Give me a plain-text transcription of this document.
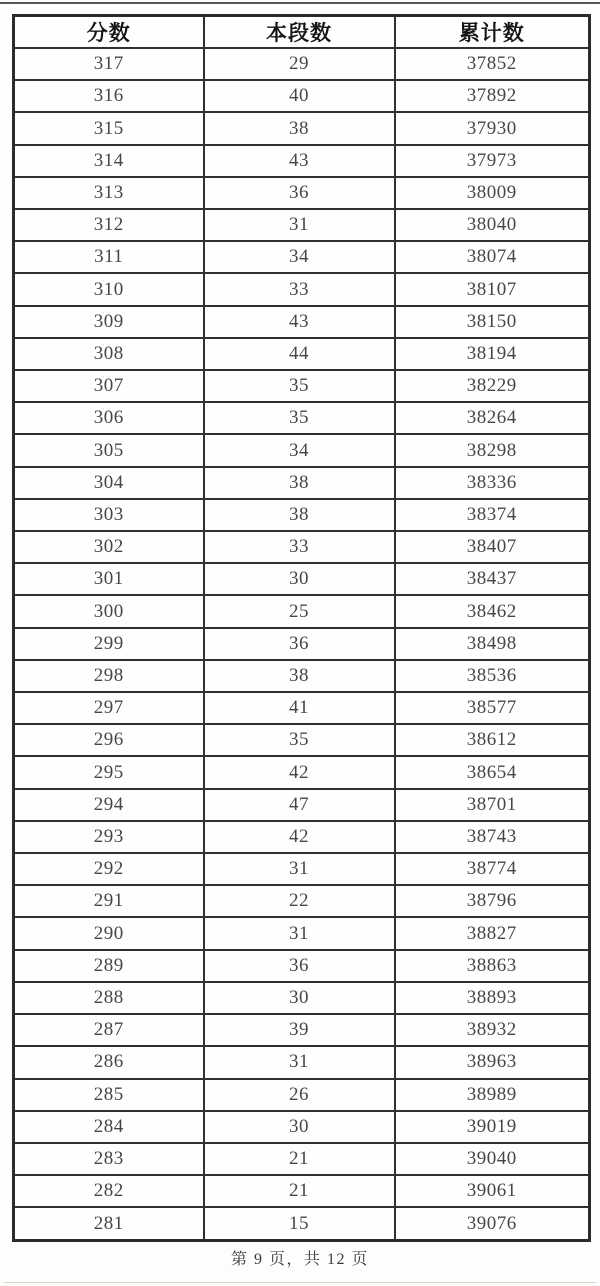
分数	本段数	累计数
317	29	37852
316	40	37892
315	38	37930
314	43	37973
313	36	38009
312	31	38040
311	34	38074
310	33	38107
309	43	38150
308	44	38194
307	35	38229
306	35	38264
305	34	38298
304	38	38336
303	38	38374
302	33	38407
301	30	38437
300	25	38462
299	36	38498
298	38	38536
297	41	38577
296	35	38612
295	42	38654
294	47	38701
293	42	38743
292	31	38774
291	22	38796
290	31	38827
289	36	38863
288	30	38893
287	39	38932
286	31	38963
285	26	38989
284	30	39019
283	21	39040
282	21	39061
281	15	39076
第 9 页，共 12 页
